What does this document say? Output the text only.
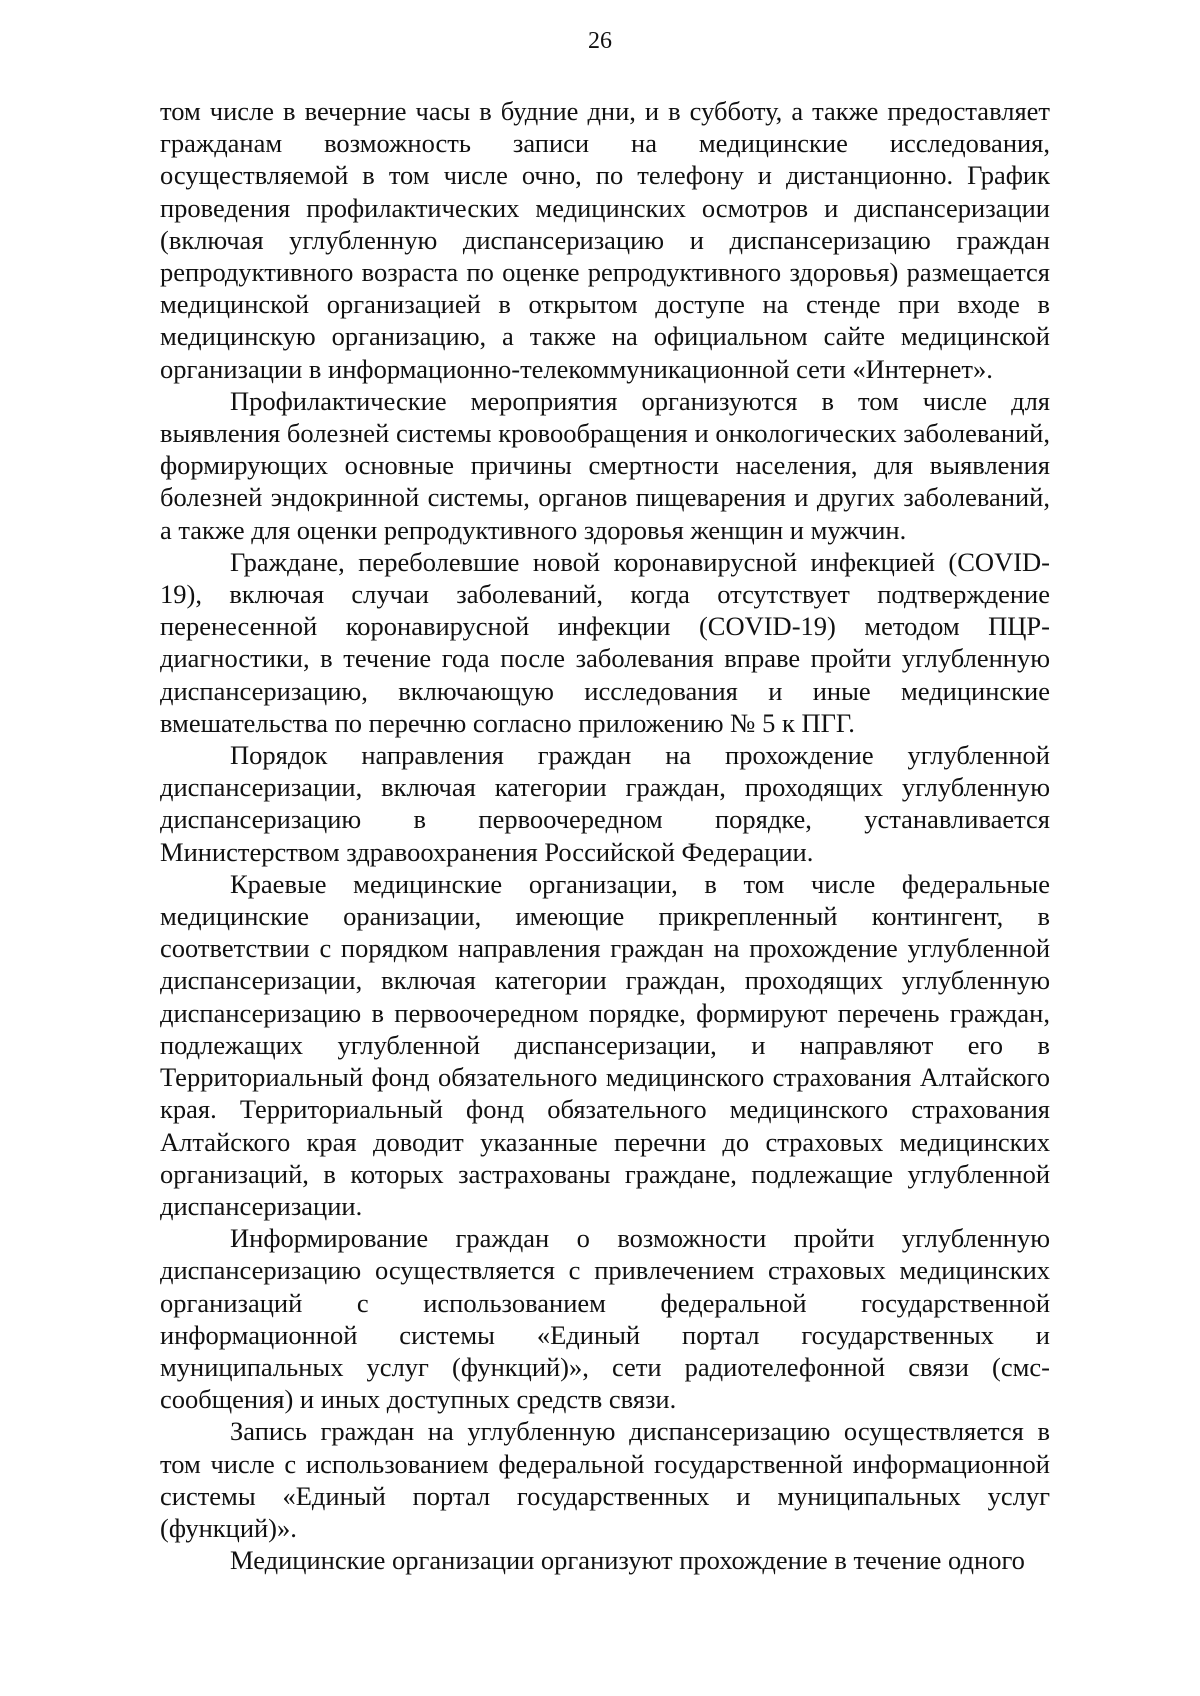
26

том числе в вечерние часы в будние дни, и в субботу, а также предоставляет гражданам возможность записи на медицинские исследования, осуществляемой в том числе очно, по телефону и дистанционно. График проведения профилактических медицинских осмотров и диспансеризации (включая углубленную диспансеризацию и диспансеризацию граждан репродуктивного возраста по оценке репродуктивного здоровья) размещается медицинской организацией в открытом доступе на стенде при входе в медицинскую организацию, а также на официальном сайте медицинской организации в информационно-телекоммуникационной сети «Интернет».

Профилактические мероприятия организуются в том числе для выявления болезней системы кровообращения и онкологических заболеваний, формирующих основные причины смертности населения, для выявления болезней эндокринной системы, органов пищеварения и других заболеваний, а также для оценки репродуктивного здоровья женщин и мужчин.

Граждане, переболевшие новой коронавирусной инфекцией (COVID-19), включая случаи заболеваний, когда отсутствует подтверждение перенесенной коронавирусной инфекции (COVID-19) методом ПЦР-диагностики, в течение года после заболевания вправе пройти углубленную диспансеризацию, включающую исследования и иные медицинские вмешательства по перечню согласно приложению № 5 к ПГГ.

Порядок направления граждан на прохождение углубленной диспансеризации, включая категории граждан, проходящих углубленную диспансеризацию в первоочередном порядке, устанавливается Министерством здравоохранения Российской Федерации.

Краевые медицинские организации, в том числе федеральные медицинские оранизации, имеющие прикрепленный контингент, в соответствии с порядком направления граждан на прохождение углубленной диспансеризации, включая категории граждан, проходящих углубленную диспансеризацию в первоочередном порядке, формируют перечень граждан, подлежащих углубленной диспансеризации, и направляют его в Территориальный фонд обязательного медицинского страхования Алтайского края. Территориальный фонд обязательного медицинского страхования Алтайского края доводит указанные перечни до страховых медицинских организаций, в которых застрахованы граждане, подлежащие углубленной диспансеризации.

Информирование граждан о возможности пройти углубленную диспансеризацию осуществляется с привлечением страховых медицинских организаций с использованием федеральной государственной информационной системы «Единый портал государственных и муниципальных услуг (функций)», сети радиотелефонной связи (смс-сообщения) и иных доступных средств связи.

Запись граждан на углубленную диспансеризацию осуществляется в том числе с использованием федеральной государственной информационной системы «Единый портал государственных и муниципальных услуг (функций)».

Медицинские организации организуют прохождение в течение одного
